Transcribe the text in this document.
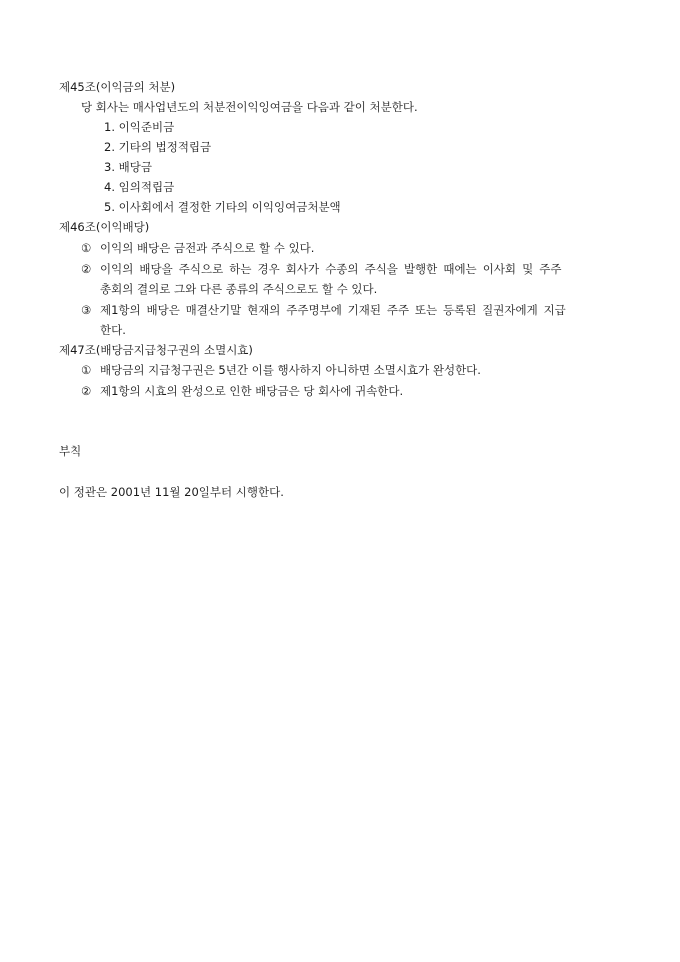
제45조(이익금의 처분)
당 회사는 매사업년도의 처분전이익잉여금을 다음과 같이 처분한다.
1. 이익준비금
2. 기타의 법정적립금
3. 배당금
4. 임의적립금
5. 이사회에서 결정한 기타의 이익잉여금처분액
제46조(이익배당)
① 이익의 배당은 금전과 주식으로 할 수 있다.
② 이익의 배당을 주식으로 하는 경우 회사가 수종의 주식을 발행한 때에는 이사회 및 주주
총회의 결의로 그와 다른 종류의 주식으로도 할 수 있다.
③ 제1항의 배당은 매결산기말 현재의 주주명부에 기재된 주주 또는 등록된 질권자에게 지급
한다.
제47조(배당금지급청구권의 소멸시효)
① 배당금의 지급청구권은 5년간 이를 행사하지 아니하면 소멸시효가 완성한다.
② 제1항의 시효의 완성으로 인한 배당금은 당 회사에 귀속한다.
부칙
이 정관은 2001년 11월 20일부터 시행한다.
